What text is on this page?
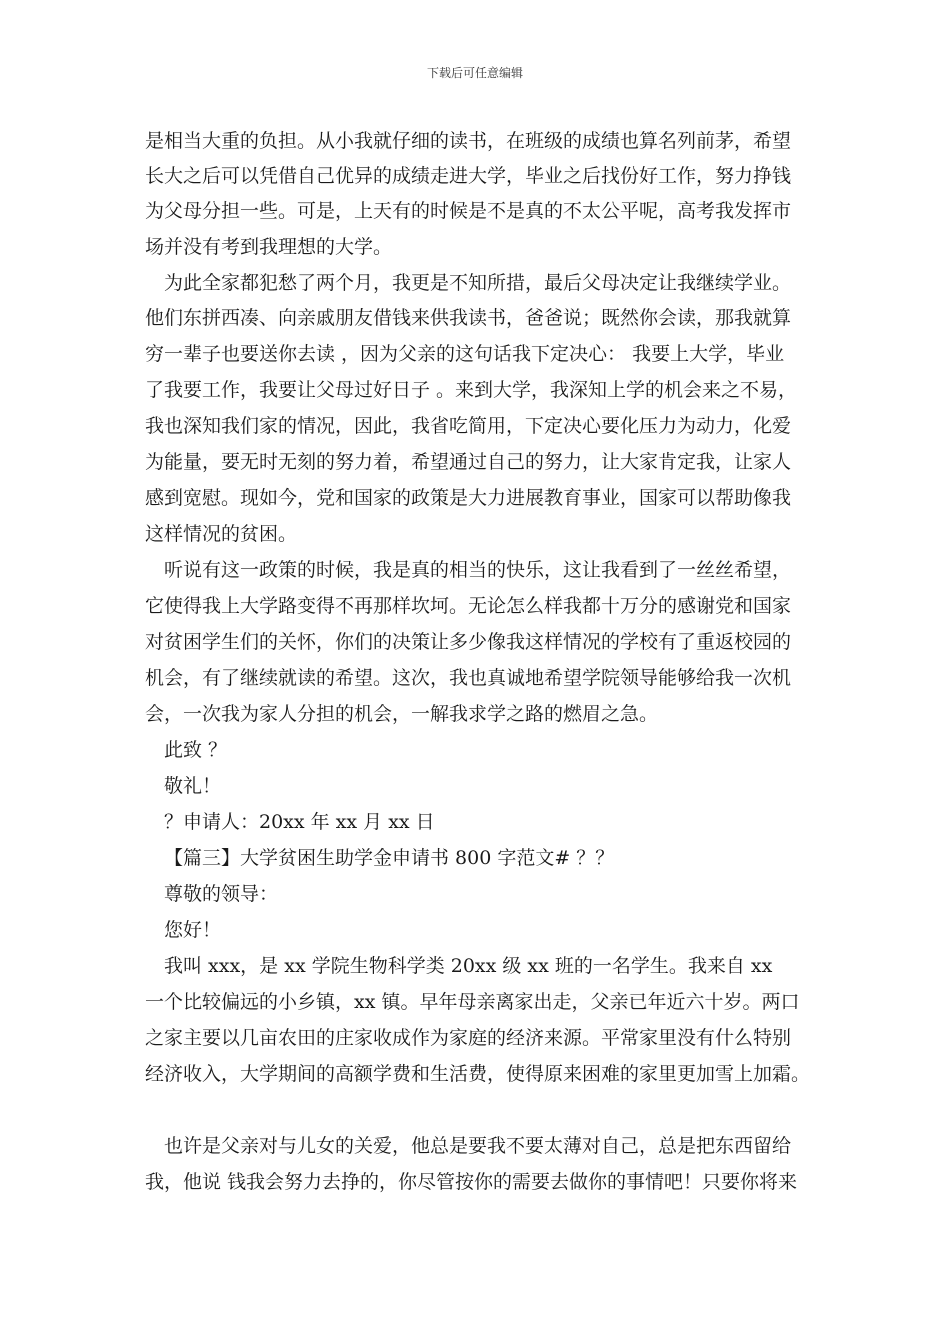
下载后可任意编辑
是相当大重的负担。从小我就仔细的读书，在班级的成绩也算名列前茅，希望
长大之后可以凭借自己优异的成绩走进大学，毕业之后找份好工作，努力挣钱
为父母分担一些。可是，上天有的时候是不是真的不太公平呢，高考我发挥市
场并没有考到我理想的大学。
为此全家都犯愁了两个月，我更是不知所措，最后父母决定让我继续学业。
他们东拼西凑、向亲戚朋友借钱来供我读书，爸爸说；既然你会读，那我就算
穷一辈子也要送你去读 ，因为父亲的这句话我下定决心： 我要上大学，毕业
了我要工作，我要让父母过好日子 。来到大学，我深知上学的机会来之不易，
我也深知我们家的情况，因此，我省吃简用，下定决心要化压力为动力，化爱
为能量，要无时无刻的努力着，希望通过自己的努力，让大家肯定我，让家人
感到宽慰。现如今，党和国家的政策是大力进展教育事业，国家可以帮助像我
这样情况的贫困。
听说有这一政策的时候，我是真的相当的快乐，这让我看到了一丝丝希望，
它使得我上大学路变得不再那样坎坷。无论怎么样我都十万分的感谢党和国家
对贫困学生们的关怀，你们的决策让多少像我这样情况的学校有了重返校园的
机会，有了继续就读的希望。这次，我也真诚地希望学院领导能够给我一次机
会，一次我为家人分担的机会，一解我求学之路的燃眉之急。
此致 ？
敬礼！
？申请人：20xx 年 xx 月 xx 日
【篇三】大学贫困生助学金申请书 800 字范文# ？？
尊敬的领导：
您好！
我叫 xxx，是 xx 学院生物科学类 20xx 级 xx 班的一名学生。我来自 xx
一个比较偏远的小乡镇，xx 镇。早年母亲离家出走，父亲已年近六十岁。两口
之家主要以几亩农田的庄家收成作为家庭的经济来源。平常家里没有什么特别
经济收入，大学期间的高额学费和生活费，使得原来困难的家里更加雪上加霜。
也许是父亲对与儿女的关爱，他总是要我不要太薄对自己，总是把东西留给
我，他说 钱我会努力去挣的，你尽管按你的需要去做你的事情吧！只要你将来
